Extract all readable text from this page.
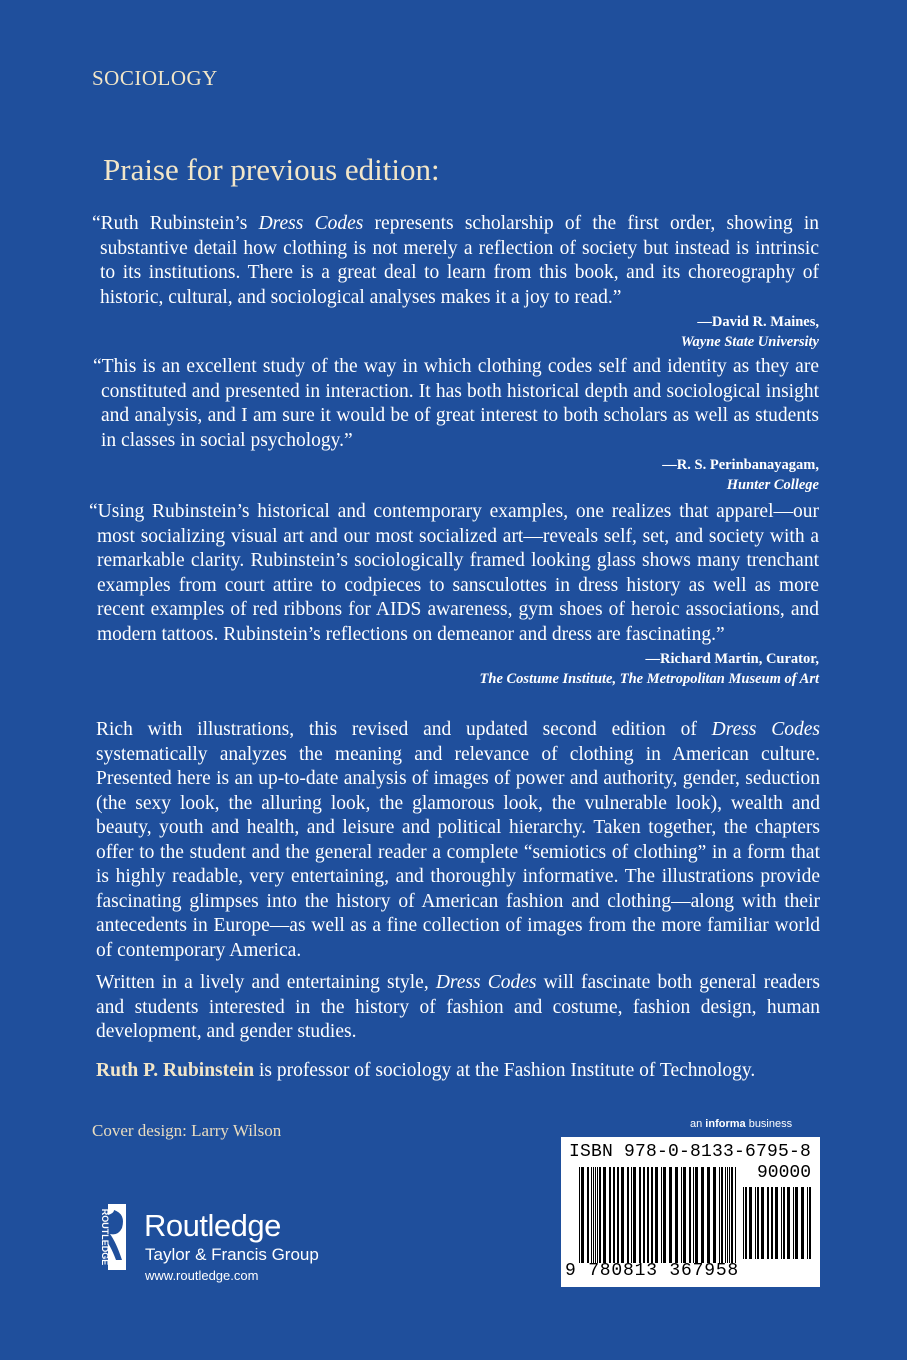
SOCIOLOGY
Praise for previous edition:

“Ruth Rubinstein’s Dress Codes represents scholarship of the first order, showing in substantive detail how clothing is not merely a reflection of society but instead is intrinsic to its institutions. There is a great deal to learn from this book, and its choreography of historic, cultural, and sociological analyses makes it a joy to read.”

—David R. Maines,
Wayne State University

“This is an excellent study of the way in which clothing codes self and identity as they are constituted and presented in interaction. It has both historical depth and sociological insight and analysis, and I am sure it would be of great interest to both scholars as well as students in classes in social psychology.”

—R. S. Perinbanayagam,
Hunter College

“Using Rubinstein’s historical and contemporary examples, one realizes that apparel—our most socializing visual art and our most socialized art—reveals self, set, and society with a remarkable clarity. Rubinstein’s sociologically framed looking glass shows many trenchant examples from court attire to codpieces to sansculottes in dress history as well as more recent examples of red ribbons for AIDS awareness, gym shoes of heroic associations, and modern tattoos. Rubinstein’s reflections on demeanor and dress are fascinating.”

—Richard Martin, Curator,
The Costume Institute, The Metropolitan Museum of Art

Rich with illustrations, this revised and updated second edition of Dress Codes systematically analyzes the meaning and relevance of clothing in American culture. Presented here is an up-to-date analysis of images of power and authority, gender, seduction (the sexy look, the alluring look, the glamorous look, the vulnerable look), wealth and beauty, youth and health, and leisure and political hierarchy. Taken together, the chapters offer to the student and the general reader a complete “semiotics of clothing” in a form that is highly readable, very entertaining, and thoroughly informative. The illustrations provide fascinating glimpses into the history of American fashion and clothing—along with their antecedents in Europe—as well as a fine collection of images from the more familiar world of contemporary America.

Written in a lively and entertaining style, Dress Codes will fascinate both general readers and students interested in the history of fashion and costume, fashion design, human development, and gender studies.

Ruth P. Rubinstein is professor of sociology at the Fashion Institute of Technology.

Cover design: Larry Wilson
ROUTLEDGE Routledge
Taylor & Francis Group
www.routledge.com
an informa business
ISBN 978-0-8133-6795-8
90000
9 780813 367958
